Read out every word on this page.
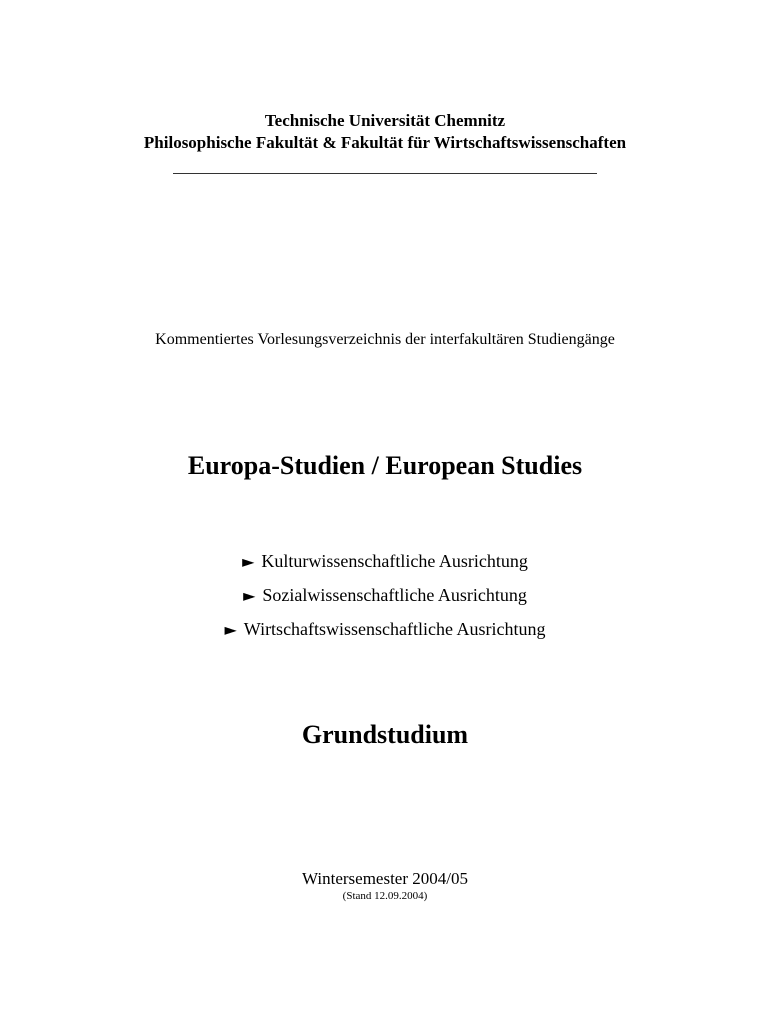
Technische Universität Chemnitz
Philosophische Fakultät & Fakultät für Wirtschaftswissenschaften
Kommentiertes Vorlesungsverzeichnis der interfakultären Studiengänge
Europa-Studien / European Studies
► Kulturwissenschaftliche Ausrichtung
► Sozialwissenschaftliche Ausrichtung
► Wirtschaftswissenschaftliche Ausrichtung
Grundstudium
Wintersemester 2004/05
(Stand 12.09.2004)
